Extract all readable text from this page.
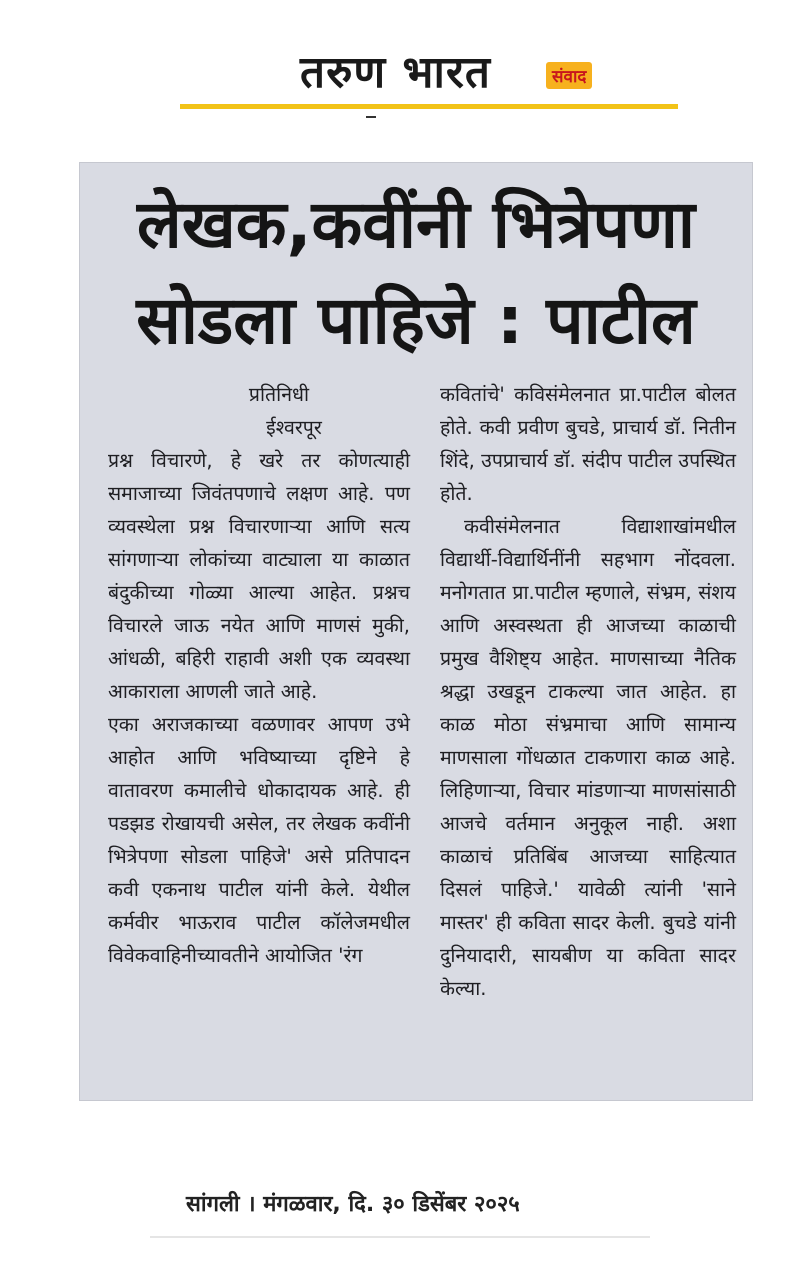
तरुण भारत	संवाद
लेखक,कवींनी भित्रेपणा
सोडला पाहिजे : पाटील
प्रतिनिधी
ईश्वरपूर

प्रश्न विचारणे, हे खरे तर कोणत्याही समाजाच्या जिवंतपणाचे लक्षण आहे. पण व्यवस्थेला प्रश्न विचारणाऱ्या आणि सत्य सांगणाऱ्या लोकांच्या वाट्याला या काळात बंदुकीच्या गोळ्या आल्या आहेत. प्रश्नच विचारले जाऊ नयेत आणि माणसं मुकी, आंधळी, बहिरी राहावी अशी एक व्यवस्था आकाराला आणली जाते आहे.

एका अराजकाच्या वळणावर आपण उभे आहोत आणि भविष्याच्या दृष्टिने हे वातावरण कमालीचे धोकादायक आहे. ही पडझड रोखायची असेल, तर लेखक कवींनी भित्रेपणा सोडला पाहिजे' असे प्रतिपादन कवी एकनाथ पाटील यांनी केले. येथील कर्मवीर भाऊराव पाटील कॉलेजमधील विवेकवाहिनीच्यावतीने आयोजित 'रंग

कवितांचे' कविसंमेलनात प्रा.पाटील बोलत होते. कवी प्रवीण बुचडे, प्राचार्य डॉ. नितीन शिंदे, उपप्राचार्य डॉ. संदीप पाटील उपस्थित होते.

कवीसंमेलनात विद्याशाखांमधील विद्यार्थी-विद्यार्थिनींनी सहभाग नोंदवला. मनोगतात प्रा.पाटील म्हणाले, संभ्रम, संशय आणि अस्वस्थता ही आजच्या काळाची प्रमुख वैशिष्ट्य आहेत. माणसाच्या नैतिक श्रद्धा उखडून टाकल्या जात आहेत. हा काळ मोठा संभ्रमाचा आणि सामान्य माणसाला गोंधळात टाकणारा काळ आहे. लिहिणाऱ्या, विचार मांडणाऱ्या माणसांसाठी आजचे वर्तमान अनुकूल नाही. अशा काळाचं प्रतिबिंब आजच्या साहित्यात दिसलं पाहिजे.' यावेळी त्यांनी 'साने मास्तर' ही कविता सादर केली. बुचडे यांनी दुनियादारी, सायबीण या कविता सादर केल्या.

सांगली । मंगळवार, दि. ३० डिसेंबर २०२५
